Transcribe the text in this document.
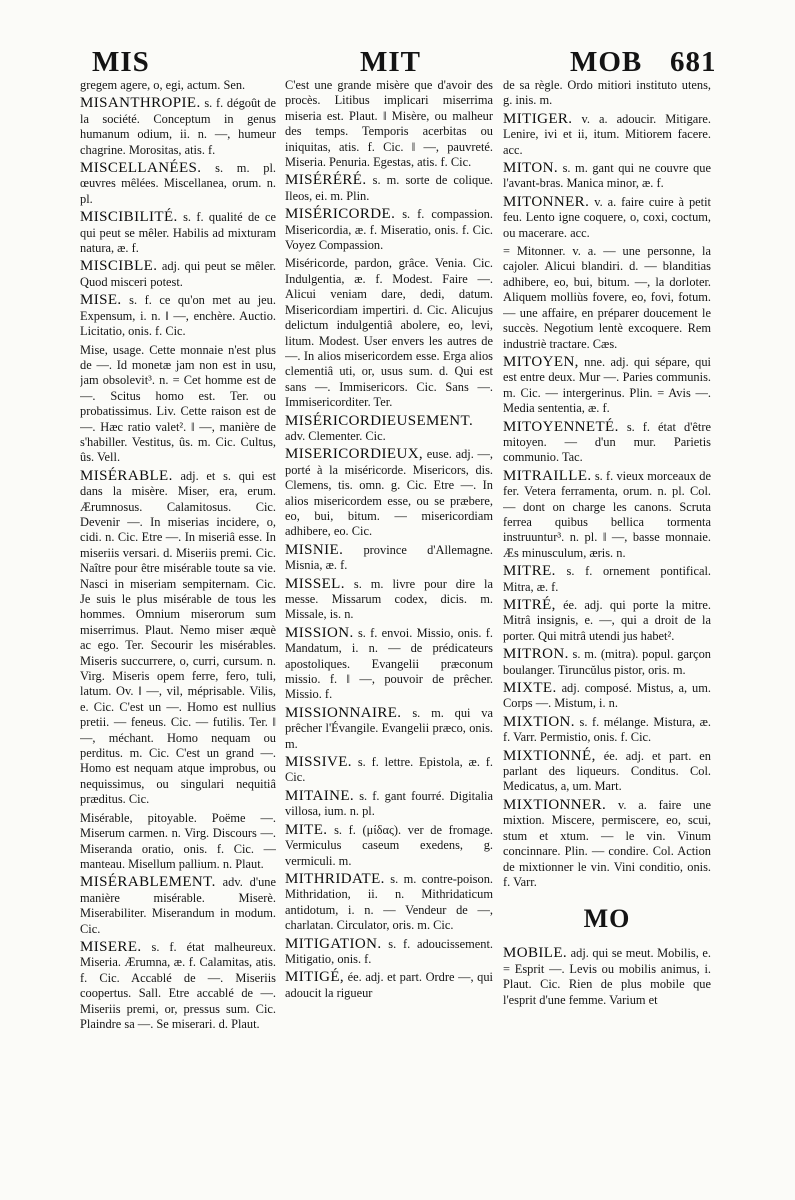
MIS	MIT	MOB 681
gregem agere, o, egi, actum. Sen.
MISANTHROPIE. s. f. dégoût de la société. Conceptum in genus humanum odium, ii. n. —, humeur chagrine. Morositas, atis. f.
MISCELLANÉES. s. m. pl. œuvres mêlées. Miscellanea, orum. n. pl.
MISCIBILITÉ. s. f. qualité de ce qui peut se mêler. Habilis ad mixturam natura, æ. f.
MISCIBLE. adj. qui peut se mêler. Quod misceri potest.
MISE. s. f. ce qu'on met au jeu. Expensum, i. n. ‖ —, enchère. Auctio. Licitatio, onis. f. Cic.
Mise, usage. Cette monnaie n'est plus de —. Id monetæ jam non est in usu, jam obsolevit³. n. = Cet homme est de —. Scitus homo est. Ter. ou probatissimus. Liv. Cette raison est de —. Hæc ratio valet². ‖ —, manière de s'habiller. Vestitus, ûs. m. Cic. Cultus, ûs. Vell.
MISÉRABLE. adj. et s. qui est dans la misère. Miser, era, erum. Ærumnosus. Calamitosus. Cic. Devenir —. In miserias incidere, o, cidi. n. Cic. Etre —. In miseriâ esse. In miseriis versari. d. Miseriis premi. Cic. Naître pour être misérable toute sa vie. Nasci in miseriam sempiternam. Cic. Je suis le plus misérable de tous les hommes. Omnium miserorum sum miserrimus. Plaut. Nemo miser æquè ac ego. Ter. Secourir les misérables. Miseris succurrere, o, curri, cursum. n. Virg. Miseris opem ferre, fero, tuli, latum. Ov. ‖ —, vil, méprisable. Vilis, e. Cic. C'est un —. Homo est nullius pretii. — feneus. Cic. — futilis. Ter. ‖ —, méchant. Homo nequam ou perditus. m. Cic. C'est un grand —. Homo est nequam atque improbus, ou nequissimus, ou singulari nequitiâ præditus. Cic.
Misérable, pitoyable. Poëme —. Miserum carmen. n. Virg. Discours —. Miseranda oratio, onis. f. Cic. — manteau. Misellum pallium. n. Plaut.
MISÉRABLEMENT. adv. d'une manière misérable. Miserè. Miserabiliter. Miserandum in modum. Cic.
MISERE. s. f. état malheureux. Miseria. Ærumna, æ. f. Calamitas, atis. f. Cic. Accablé de —. Miseriis coopertus. Sall. Etre accablé de —. Miseriis premi, or, pressus sum. Cic. Plaindre sa —. Se miserari. d. Plaut.
C'est une grande misère que d'avoir des procès. Litibus implicari miserrima miseria est. Plaut. ‖ Misère, ou malheur des temps. Temporis acerbitas ou iniquitas, atis. f. Cic. ‖ —, pauvreté. Miseria. Penuria. Egestas, atis. f. Cic.
MISÉRÉRÉ. s. m. sorte de colique. Ileos, ei. m. Plin.
MISÉRICORDE. s. f. compassion. Misericordia, æ. f. Miseratio, onis. f. Cic. Voyez Compassion.
Miséricorde, pardon, grâce. Venia. Cic. Indulgentia, æ. f. Modest. Faire —. Alicui veniam dare, dedi, datum. Misericordiam impertiri. d. Cic. Alicujus delictum indulgentiâ abolere, eo, levi, litum. Modest. User envers les autres de —. In alios misericordem esse. Erga alios clementiâ uti, or, usus sum. d. Qui est sans —. Immisericors. Cic. Sans —. Immisericorditer. Ter.
MISÉRICORDIEUSEMENT. adv. Clementer. Cic.
MISERICORDIEUX, euse. adj. —, porté à la miséricorde. Misericors, dis. Clemens, tis. omn. g. Cic. Etre —. In alios misericordem esse, ou se præbere, eo, bui, bitum. — misericordiam adhibere, eo. Cic.
MISNIE. province d'Allemagne. Misnia, æ. f.
MISSEL. s. m. livre pour dire la messe. Missarum codex, dicis. m. Missale, is. n.
MISSION. s. f. envoi. Missio, onis. f. Mandatum, i. n. — de prédicateurs apostoliques. Evangelii præconum missio. f. ‖ —, pouvoir de prêcher. Missio. f.
MISSIONNAIRE. s. m. qui va prêcher l'Évangile. Evangelii præco, onis. m.
MISSIVE. s. f. lettre. Epistola, æ. f. Cic.
MITAINE. s. f. gant fourré. Digitalia villosa, ium. n. pl.
MITE. s. f. (μίδας). ver de fromage. Vermiculus caseum exedens, g. vermiculi. m.
MITHRIDATE. s. m. contre-poison. Mithridation, ii. n. Mithridaticum antidotum, i. n. — Vendeur de —, charlatan. Circulator, oris. m. Cic.
MITIGATION. s. f. adoucissement. Mitigatio, onis. f.
MITIGÉ, ée. adj. et part. Ordre —, qui adoucit la rigueur
de sa règle. Ordo mitiori instituto utens, g. inis. m.
MITIGER. v. a. adoucir. Mitigare. Lenire, ivi et ii, itum. Mitiorem facere. acc.
MITON. s. m. gant qui ne couvre que l'avant-bras. Manica minor, æ. f.
MITONNER. v. a. faire cuire à petit feu. Lento igne coquere, o, coxi, coctum, ou macerare. acc.
= Mitonner. v. a. — une personne, la cajoler. Alicui blandiri. d. — blanditias adhibere, eo, bui, bitum. —, la dorloter. Aliquem molliùs fovere, eo, fovi, fotum. — une affaire, en préparer doucement le succès. Negotium lentè excoquere. Rem industriè tractare. Cæs.
MITOYEN, nne. adj. qui sépare, qui est entre deux. Mur —. Paries communis. m. Cic. — intergerinus. Plin. = Avis —. Media sententia, æ. f.
MITOYENNETÉ. s. f. état d'être mitoyen. — d'un mur. Parietis communio. Tac.
MITRAILLE. s. f. vieux morceaux de fer. Vetera ferramenta, orum. n. pl. Col. — dont on charge les canons. Scruta ferrea quibus bellica tormenta instruuntur³. n. pl. ‖ —, basse monnaie. Æs minusculum, æris. n.
MITRE. s. f. ornement pontifical. Mitra, æ. f.
MITRÉ, ée. adj. qui porte la mitre. Mitrâ insignis, e. —, qui a droit de la porter. Qui mitrâ utendi jus habet².
MITRON. s. m. (mitra). popul. garçon boulanger. Tiruncŭlus pistor, oris. m.
MIXTE. adj. composé. Mistus, a, um. Corps —. Mistum, i. n.
MIXTION. s. f. mélange. Mistura, æ. f. Varr. Permistio, onis. f. Cic.
MIXTIONNÉ, ée. adj. et part. en parlant des liqueurs. Conditus. Col. Medicatus, a, um. Mart.
MIXTIONNER. v. a. faire une mixtion. Miscere, permiscere, eo, scui, stum et xtum. — le vin. Vinum concinnare. Plin. — condire. Col. Action de mixtionner le vin. Vini conditio, onis. f. Varr.
MO
MOBILE. adj. qui se meut. Mobilis, e. = Esprit —. Levis ou mobilis animus, i. Plaut. Cic. Rien de plus mobile que l'esprit d'une femme. Varium et
